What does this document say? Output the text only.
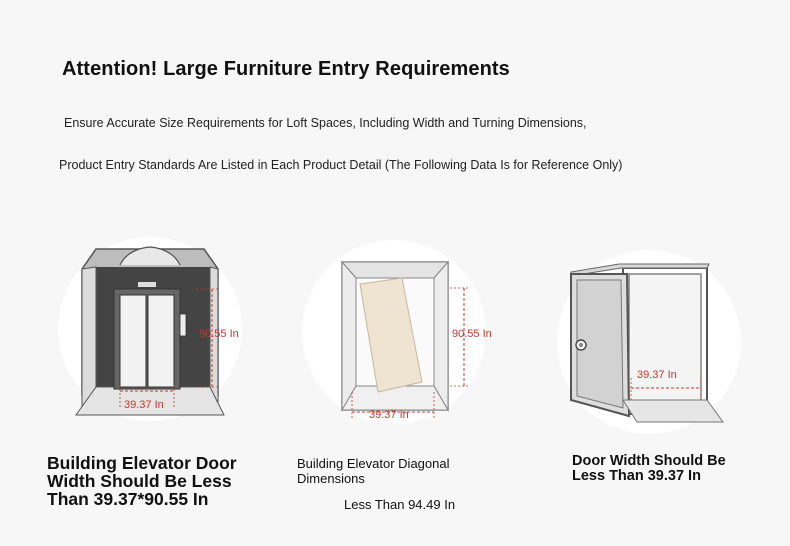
Attention! Large Furniture Entry Requirements
Ensure Accurate Size Requirements for Loft Spaces, Including Width and Turning Dimensions,
Product Entry Standards Are Listed in Each Product Detail (The Following Data Is for Reference Only)
90.55 In
39.37 In
90.55 In
39.37 In
39.37 In
Building Elevator Door
Width Should Be Less
Than 39.37*90.55 In
Building Elevator Diagonal
Dimensions
Less Than 94.49 In
Door Width Should Be
Less Than 39.37 In
